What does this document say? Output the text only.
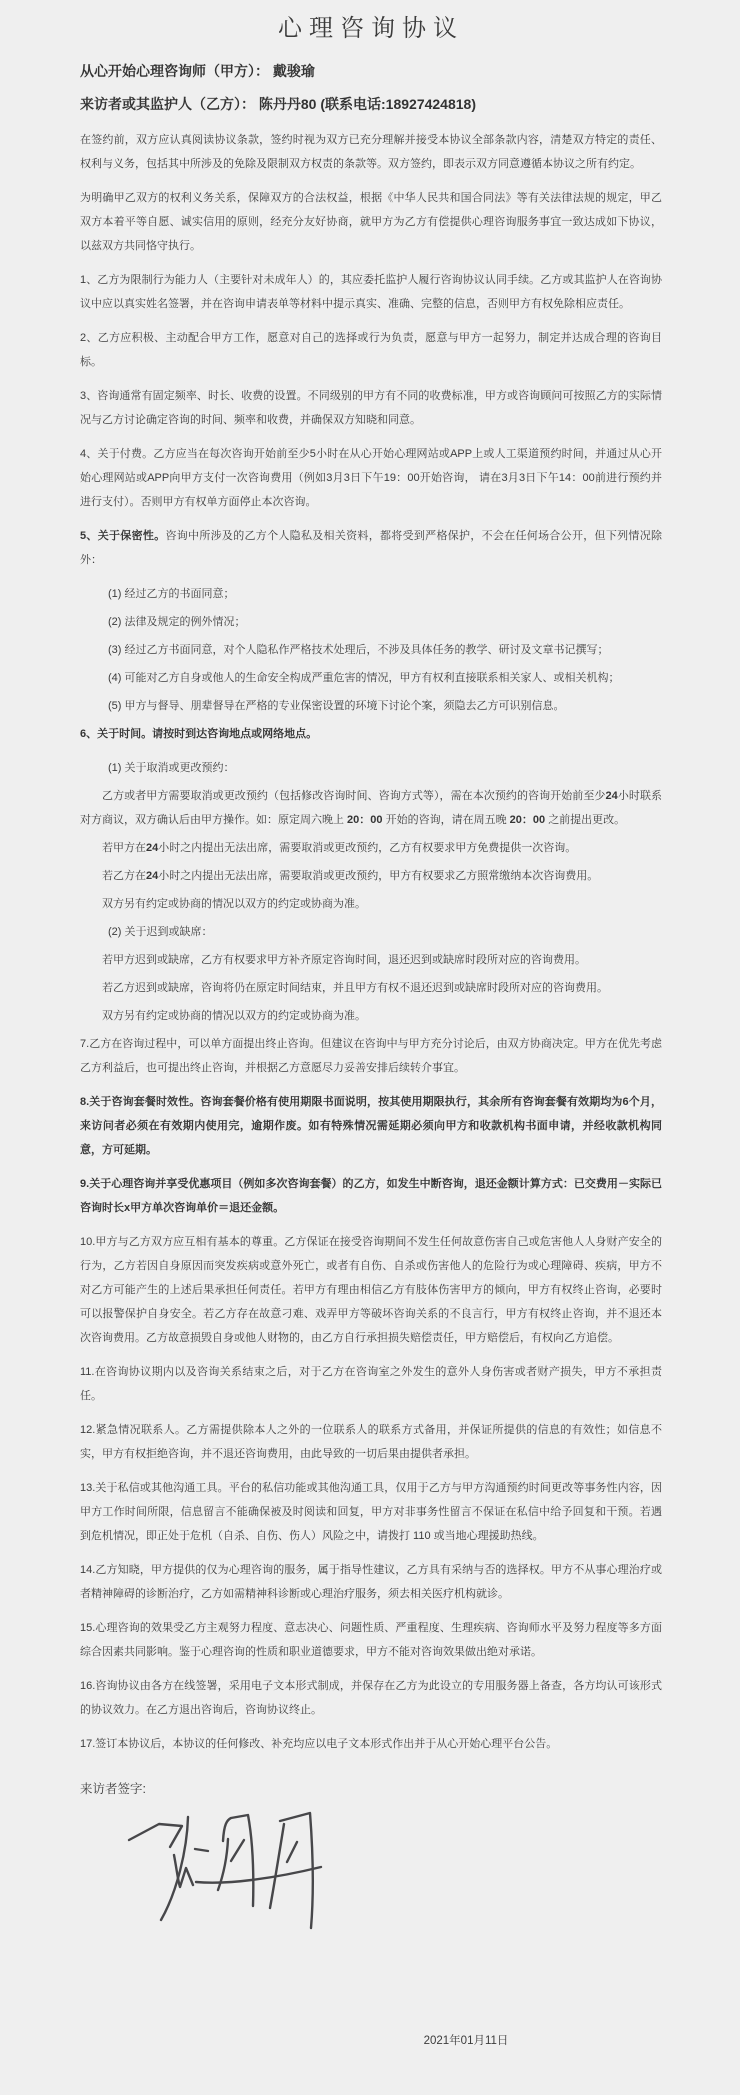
心理咨询协议

从心开始心理咨询师（甲方）： 戴骏瑜

来访者或其监护人（乙方）： 陈丹丹80 (联系电话:18927424818)

在签约前，双方应认真阅读协议条款，签约时视为双方已充分理解并接受本协议全部条款内容，清楚双方特定的责任、权利与义务，包括其中所涉及的免除及限制双方权责的条款等。双方签约，即表示双方同意遵循本协议之所有约定。

为明确甲乙双方的权利义务关系，保障双方的合法权益，根据《中华人民共和国合同法》等有关法律法规的规定，甲乙双方本着平等自愿、诚实信用的原则，经充分友好协商，就甲方为乙方有偿提供心理咨询服务事宜一致达成如下协议，以兹双方共同恪守执行。

1、乙方为限制行为能力人（主要针对未成年人）的，其应委托监护人履行咨询协议认同手续。乙方或其监护人在咨询协议中应以真实姓名签署，并在咨询申请表单等材料中提示真实、准确、完整的信息，否则甲方有权免除相应责任。

2、乙方应积极、主动配合甲方工作，愿意对自己的选择或行为负责，愿意与甲方一起努力，制定并达成合理的咨询目标。

3、咨询通常有固定频率、时长、收费的设置。不同级别的甲方有不同的收费标准，甲方或咨询顾问可按照乙方的实际情况与乙方讨论确定咨询的时间、频率和收费，并确保双方知晓和同意。

4、关于付费。乙方应当在每次咨询开始前至少5小时在从心开始心理网站或APP上或人工渠道预约时间，并通过从心开始心理网站或APP向甲方支付一次咨询费用（例如3月3日下午19：00开始咨询， 请在3月3日下午14：00前进行预约并进行支付）。否则甲方有权单方面停止本次咨询。

5、关于保密性。咨询中所涉及的乙方个人隐私及相关资料，都将受到严格保护，不会在任何场合公开，但下列情况除外：

(1) 经过乙方的书面同意；

(2) 法律及规定的例外情况；

(3) 经过乙方书面同意，对个人隐私作严格技术处理后，不涉及具体任务的教学、研讨及文章书记撰写；

(4) 可能对乙方自身或他人的生命安全构成严重危害的情况，甲方有权利直接联系相关家人、或相关机构；

(5) 甲方与督导、朋辈督导在严格的专业保密设置的环境下讨论个案，须隐去乙方可识别信息。

6、关于时间。请按时到达咨询地点或网络地点。

(1) 关于取消或更改预约：

乙方或者甲方需要取消或更改预约（包括修改咨询时间、咨询方式等），需在本次预约的咨询开始前至少24小时联系对方商议，双方确认后由甲方操作。如：原定周六晚上 20：00 开始的咨询，请在周五晚 20：00 之前提出更改。

若甲方在24小时之内提出无法出席，需要取消或更改预约，乙方有权要求甲方免费提供一次咨询。

若乙方在24小时之内提出无法出席，需要取消或更改预约，甲方有权要求乙方照常缴纳本次咨询费用。

双方另有约定或协商的情况以双方的约定或协商为准。

(2) 关于迟到或缺席：

若甲方迟到或缺席，乙方有权要求甲方补齐原定咨询时间，退还迟到或缺席时段所对应的咨询费用。

若乙方迟到或缺席，咨询将仍在原定时间结束，并且甲方有权不退还迟到或缺席时段所对应的咨询费用。

双方另有约定或协商的情况以双方的约定或协商为准。

7.乙方在咨询过程中，可以单方面提出终止咨询。但建议在咨询中与甲方充分讨论后，由双方协商决定。甲方在优先考虑乙方利益后，也可提出终止咨询，并根据乙方意愿尽力妥善安排后续转介事宜。

8.关于咨询套餐时效性。咨询套餐价格有使用期限书面说明，按其使用期限执行，其余所有咨询套餐有效期均为6个月，来访问者必须在有效期内使用完，逾期作废。如有特殊情况需延期必须向甲方和收款机构书面申请，并经收款机构同意，方可延期。

9.关于心理咨询并享受优惠项目（例如多次咨询套餐）的乙方，如发生中断咨询，退还金额计算方式：已交费用－实际已咨询时长x甲方单次咨询单价＝退还金额。

10.甲方与乙方双方应互相有基本的尊重。乙方保证在接受咨询期间不发生任何故意伤害自己或危害他人人身财产安全的行为，乙方若因自身原因而突发疾病或意外死亡，或者有自伤、自杀或伤害他人的危险行为或心理障碍、疾病，甲方不对乙方可能产生的上述后果承担任何责任。若甲方有理由相信乙方有肢体伤害甲方的倾向，甲方有权终止咨询，必要时可以报警保护自身安全。若乙方存在故意刁难、戏弄甲方等破坏咨询关系的不良言行，甲方有权终止咨询，并不退还本次咨询费用。乙方故意损毁自身或他人财物的，由乙方自行承担损失赔偿责任，甲方赔偿后，有权向乙方追偿。

11.在咨询协议期内以及咨询关系结束之后，对于乙方在咨询室之外发生的意外人身伤害或者财产损失，甲方不承担责任。

12.紧急情况联系人。乙方需提供除本人之外的一位联系人的联系方式备用，并保证所提供的信息的有效性；如信息不实，甲方有权拒绝咨询，并不退还咨询费用，由此导致的一切后果由提供者承担。

13.关于私信或其他沟通工具。平台的私信功能或其他沟通工具，仅用于乙方与甲方沟通预约时间更改等事务性内容，因甲方工作时间所限，信息留言不能确保被及时阅读和回复，甲方对非事务性留言不保证在私信中给予回复和干预。若遇到危机情况，即正处于危机（自杀、自伤、伤人）风险之中，请拨打 110 或当地心理援助热线。

14.乙方知晓，甲方提供的仅为心理咨询的服务，属于指导性建议，乙方具有采纳与否的选择权。甲方不从事心理治疗或者精神障碍的诊断治疗，乙方如需精神科诊断或心理治疗服务，须去相关医疗机构就诊。

15.心理咨询的效果受乙方主观努力程度、意志决心、问题性质、严重程度、生理疾病、咨询师水平及努力程度等多方面综合因素共同影响。鉴于心理咨询的性质和职业道德要求，甲方不能对咨询效果做出绝对承诺。

16.咨询协议由各方在线签署，采用电子文本形式制成，并保存在乙方为此设立的专用服务器上备查，各方均认可该形式的协议效力。在乙方退出咨询后，咨询协议终止。

17.签订本协议后，本协议的任何修改、补充均应以电子文本形式作出并于从心开始心理平台公告。

来访者签字:
2021年01月11日
